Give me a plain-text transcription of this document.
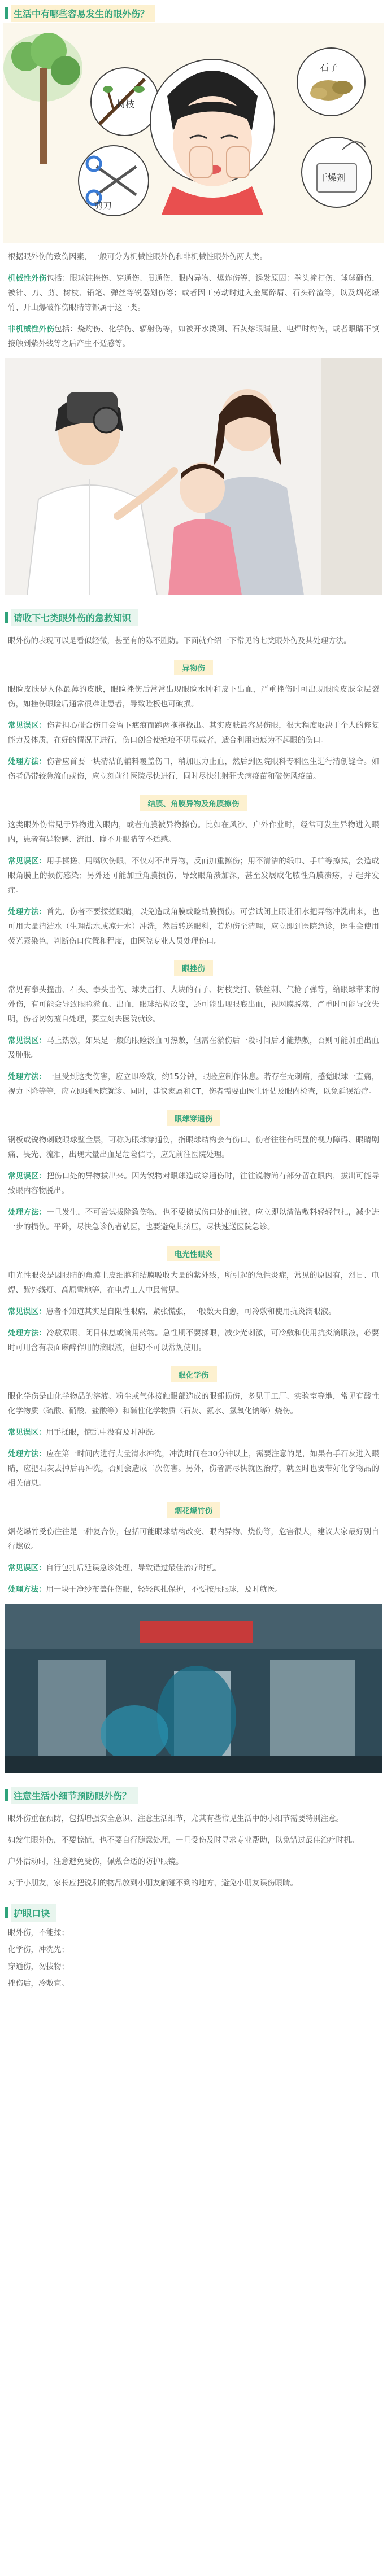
生活中有哪些容易发生的眼外伤？
树枝
剪刀
石子
干燥剂

根据眼外伤的致伤因素，一般可分为机械性眼外伤和非机械性眼外伤两大类。

机械性外伤包括：眼球钝挫伤、穿通伤、贯通伤、眼内异物、爆炸伤等，诱发原因：拳头撞打伤、球球砸伤、被针、刀、剪、树枝、铅笔、弹丝等锐器划伤等；或者因工劳动时进入金属碎屑、石头碎渣等，以及烟花爆竹、开山爆破作伤眼睛等都属于这一类。

非机械性外伤包括：烧灼伤、化学伤、辐射伤等，如被开水烫到、石灰熔眼睛量、电焊时灼伤，或者眼睛不慎接触到紫外线等之后产生不适感等。

请收下七类眼外伤的急救知识

眼外伤的表现可以是看似轻微，甚至有的陈不胜防。下面就介绍一下常见的七类眼外伤及其处理方法。

异物伤

眼睑皮肤是人体最薄的皮肤，眼睑挫伤后常常出现眼睑水肿和皮下出血，严重挫伤时可出现眼睑皮肤全层裂伤，如挫伤眼睑后通常很难让患者，导致睑板也可破损。

常见误区：伤者担心碰合伤口会留下疤痕而跑两拖拖操出。其实皮肤最容易伤眼，很大程度取决于个人的修复能力及体质，在好的情况下进行，伤口创合使疤痕不明显或者，适合利用疤痕为不起眼的伤口。

处理方法：伤者应首要一块清洁的辅料覆盖伤口，稍加压力止血，然后到医院眼科专科医生进行清创缝合。如伤者仍带较急流血或伤，应立刻前往医院尽快进行，同时尽快注射狂犬病疫苗和破伤风疫苗。

结膜、角膜异物及角膜擦伤

这类眼外伤常见于异物进入眼内，或者角膜被异物擦伤。比如在风沙、户外作业时，经常可发生异物进入眼内，患者有异物感、流泪、睁不开眼睛等不适感。

常见误区：用手揉搓，用嘴吹伤眼，不仅对不出异物，反而加重擦伤；用不清洁的纸巾、手帕等擦拭，会造成眼角膜上的损伤感染；另外还可能加重角膜损伤，导致眼角溃加深，甚至发展成化脓性角膜溃疡，引起并发症。

处理方法：首先，伤者不要揉搓眼睛，以免造成角膜或睑结膜损伤。可尝试闭上眼让泪水把异物冲洗出来，也可用大量清洁水（生理盐水或凉开水）冲洗，然后转送眼科，若灼伤至清理，应立即到医院急诊，医生会使用荧光素染色，判断伤口位置和程度，由医院专业人员处理伤口。

眼挫伤

常见有拳头撞击、石头、拳头击伤、球类击打、大块的石子、树枝类打、铁丝刺、气枪子弹等，给眼球带来的外伤，有可能会导致眼睑淤血、出血，眼球结构改变，还可能出现眼底出血，视网膜脱落，严重时可能导致失明，伤者切勿擅自处理，要立刻去医院就诊。

常见误区：马上热敷，如果是一般的眼睑淤血可热敷，但需在淤伤后一段时间后才能热敷，否则可能加重出血及肿胀。

处理方法：一旦受到这类伤害，应立即冷敷，约15分钟，眼睑应制作休息。若存在无刺痛，感觉眼球一直痛，视力下降等等，应立即到医院就诊。同时，建议家属和CT，伤者需要由医生评估及眼内检查，以免延误治疗。

眼球穿通伤

钢板或锐物刺破眼球壁全层，可称为眼球穿通伤，指眼球结构会有伤口。伤者往往有明显的视力障碍、眼睛剧痛、畏光、流泪，出现大量出血是危险信号，应先前往医院处理。

常见误区：把伤口处的异物拔出来。因为锐物对眼球造成穿通伤时，往往锐物尚有部分留在眼内，拔出可能导致眼内容物脱出。

处理方法：一旦发生，不可尝试拔除致伤物，也不要擦拭伤口处的血液，应立即以清洁敷料轻轻包扎，减少进一步的损伤。平卧，尽快急诊伤者就医，也要避免其挤压，尽快速送医院急诊。

电光性眼炎

电光性眼炎是因眼睛的角膜上皮细胞和结膜吸收大量的紫外线，所引起的急性炎症，常见的原因有，烈日、电焊、紫外线灯、高原雪地等，在电焊工人中最常见。

常见误区：患者不知道其实是自限性眼病，紧张慌张，一般数天自愈，可冷敷和使用抗炎滴眼液。

处理方法：冷敷双眼，闭目休息或滴用药物。急性期不要揉眼，减少光刺激，可冷敷和使用抗炎滴眼液，必要时可用含有表面麻醉作用的滴眼液，但切不可以常规使用。

眼化学伤

眼化学伤是由化学物品的溶液、粉尘或气体接触眼部造成的眼部损伤，多见于工厂、实验室等地，常见有酸性化学物质（硫酸、硝酸、盐酸等）和碱性化学物质（石灰、氨水、氢氧化钠等）烧伤。

常见误区：用手揉眼，慌乱中没有及时冲洗。

处理方法：应在第一时间内进行大量清水冲洗，冲洗时间在30分钟以上，需要注意的是，如果有手石灰进入眼睛，应把石灰去掉后再冲洗，否则会造成二次伤害。另外，伤者需尽快就医治疗，就医时也要带好化学物品的相关信息。

烟花爆竹伤

烟花爆竹受伤往往是一种复合伤，包括可能眼球结构改变、眼内异物、烧伤等，危害很大，建议大家最好别自行燃放。

常见误区：自行包扎后延误急诊处理，导致错过最佳治疗时机。

处理方法：用一块干净纱布盖住伤眼，轻轻包扎保护，不要按压眼球，及时就医。

注意生活小细节预防眼外伤？

眼外伤重在预防，包括增强安全意识、注意生活细节，尤其有些常见生活中的小细节需要特别注意。

如发生眼外伤，不要惊慌，也不要自行随意处理，一旦受伤及时寻求专业帮助，以免错过最佳治疗时机。

户外活动时，注意避免受伤，佩戴合适的防护眼镜。

对于小朋友，家长应把锐利的物品放到小朋友触碰不到的地方，避免小朋友误伤眼睛。

护眼口诀

眼外伤，不能揉；

化学伤，冲洗先；

穿通伤，勿拔物；

挫伤后，冷敷宜。
